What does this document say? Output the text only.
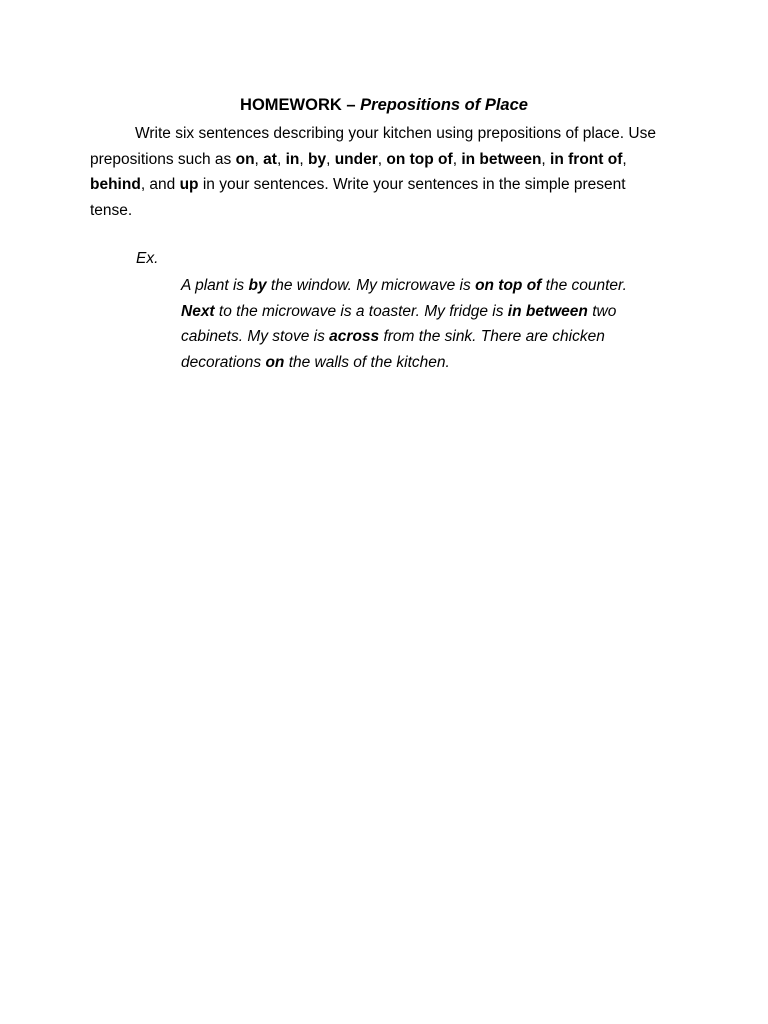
HOMEWORK – Prepositions of Place
Write six sentences describing your kitchen using prepositions of place. Use
prepositions such as on, at, in, by, under, on top of, in between, in front of,
behind, and up in your sentences. Write your sentences in the simple present
tense.
Ex.
A plant is by the window. My microwave is on top of the counter.
Next to the microwave is a toaster. My fridge is in between two
cabinets. My stove is across from the sink. There are chicken
decorations on the walls of the kitchen.
